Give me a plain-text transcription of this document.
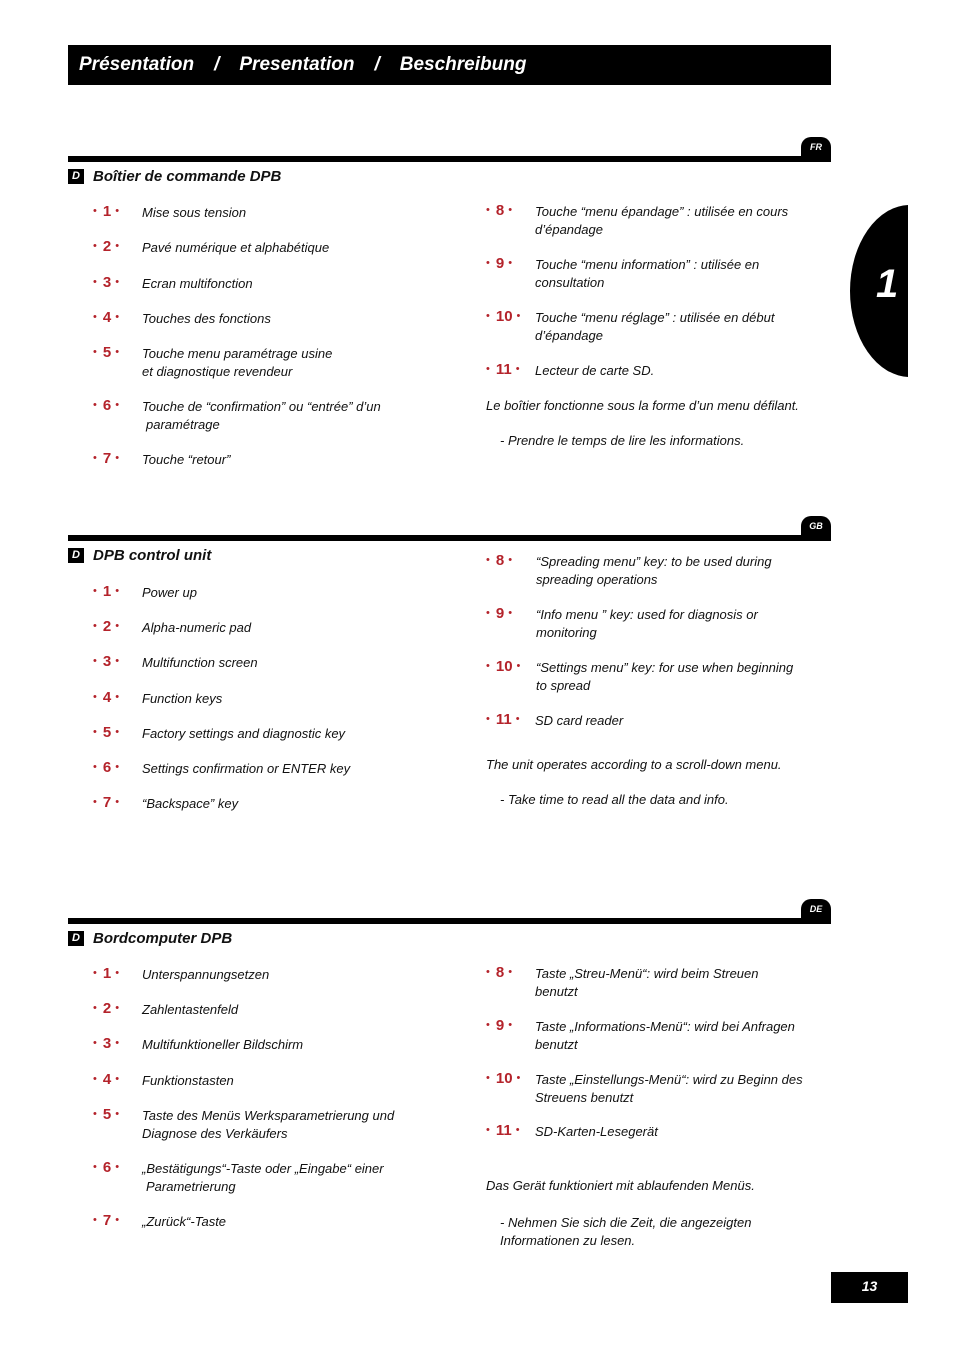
Présentation / Presentation / Beschreibung
1
FR
D Boîtier de commande DPB
• 1 • Mise sous tension
• 2 • Pavé numérique et alphabétique
• 3 • Ecran multifonction
• 4 • Touches des fonctions
• 5 • Touche menu paramétrage usine
et diagnostique revendeur
• 6 • Touche de “confirmation” ou “entrée” d’un
paramétrage
• 7 • Touche “retour”
• 8 • Touche “menu épandage” : utilisée en cours
d’épandage
• 9 • Touche “menu information” : utilisée en
consultation
• 10 • Touche “menu réglage” : utilisée en début
d’épandage
• 11 • Lecteur de carte SD.
Le boîtier fonctionne sous la forme d’un menu défilant.
- Prendre le temps de lire les informations.
GB
D DPB control unit
• 1 • Power up
• 2 • Alpha-numeric pad
• 3 • Multifunction screen
• 4 • Function keys
• 5 • Factory settings and diagnostic key
• 6 • Settings confirmation or ENTER key
• 7 • “Backspace” key
• 8 • “Spreading menu” key: to be used during
spreading operations
• 9 • “Info menu ” key: used for diagnosis or
monitoring
• 10 • “Settings menu” key: for use when beginning
to spread
• 11 • SD card reader
The unit operates according to a scroll-down menu.
- Take time to read all the data and info.
DE
D Bordcomputer DPB
• 1 • Unterspannungsetzen
• 2 • Zahlentastenfeld
• 3 • Multifunktioneller Bildschirm
• 4 • Funktionstasten
• 5 • Taste des Menüs Werksparametrierung und
Diagnose des Verkäufers
• 6 • „Bestätigungs“-Taste oder „Eingabe“ einer
Parametrierung
• 7 • „Zurück“-Taste
• 8 • Taste „Streu-Menü“: wird beim Streuen
benutzt
• 9 • Taste „Informations-Menü“: wird bei Anfragen
benutzt
• 10 • Taste „Einstellungs-Menü“: wird zu Beginn des
Streuens benutzt
• 11 • SD-Karten-Lesegerät
Das Gerät funktioniert mit ablaufenden Menüs.
- Nehmen Sie sich die Zeit, die angezeigten
Informationen zu lesen.
13
